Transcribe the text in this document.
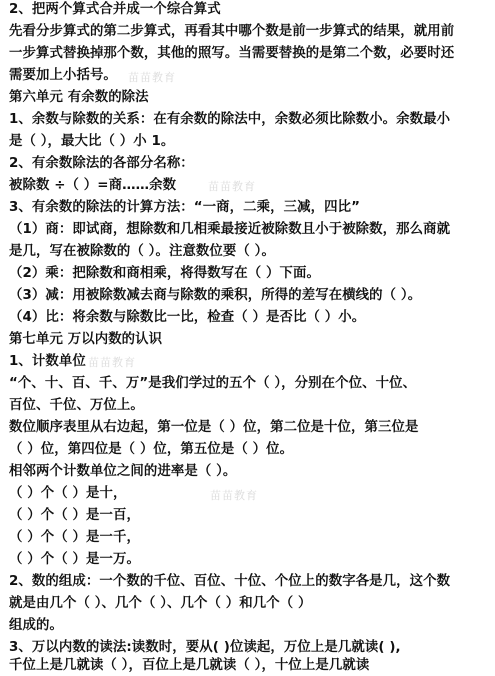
2、把两个算式合并成一个综合算式
先看分步算式的第二步算式，再看其中哪个数是前一步算式的结果，就用前
一步算式替换掉那个数，其他的照写。当需要替换的是第二个数，必要时还
需要加上小括号。
第六单元 有余数的除法
1、余数与除数的关系：在有余数的除法中，余数必须比除数小。余数最小
是（ ），最大比（ ）小 1。
2、有余数除法的各部分名称：
被除数 ÷（ ）=商……余数
3、有余数的除法的计算方法：“一商，二乘，三减，四比”
（1）商：即试商，想除数和几相乘最接近被除数且小于被除数，那么商就
是几，写在被除数的（ ）。注意数位要（ ）。
（2）乘：把除数和商相乘，将得数写在（ ）下面。
（3）减：用被除数减去商与除数的乘积，所得的差写在横线的（ ）。
（4）比：将余数与除数比一比，检查（ ）是否比（ ）小。
第七单元 万以内数的认识
1、计数单位
“个、十、百、千、万”是我们学过的五个（ ），分别在个位、十位、
百位、千位、万位上。
数位顺序表里从右边起，第一位是（ ）位，第二位是十位，第三位是
（ ）位，第四位是（ ）位，第五位是（ ）位。
相邻两个计数单位之间的进率是（ ）。
（ ）个（ ）是十，
（ ）个（ ）是一百，
（ ）个（ ）是一千，
（ ）个（ ）是一万。
2、数的组成：一个数的千位、百位、十位、个位上的数字各是几，这个数
就是由几个（ ）、几个（ ）、几个（ ）和几个（ ）
组成的。
3、万以内数的读法:读数时，要从( )位读起，万位上是几就读( ),
千位上是几就读（ ），百位上是几就读（ ），十位上是几就读
苗苗教育
苗苗教育
苗苗教育
苗苗教育
